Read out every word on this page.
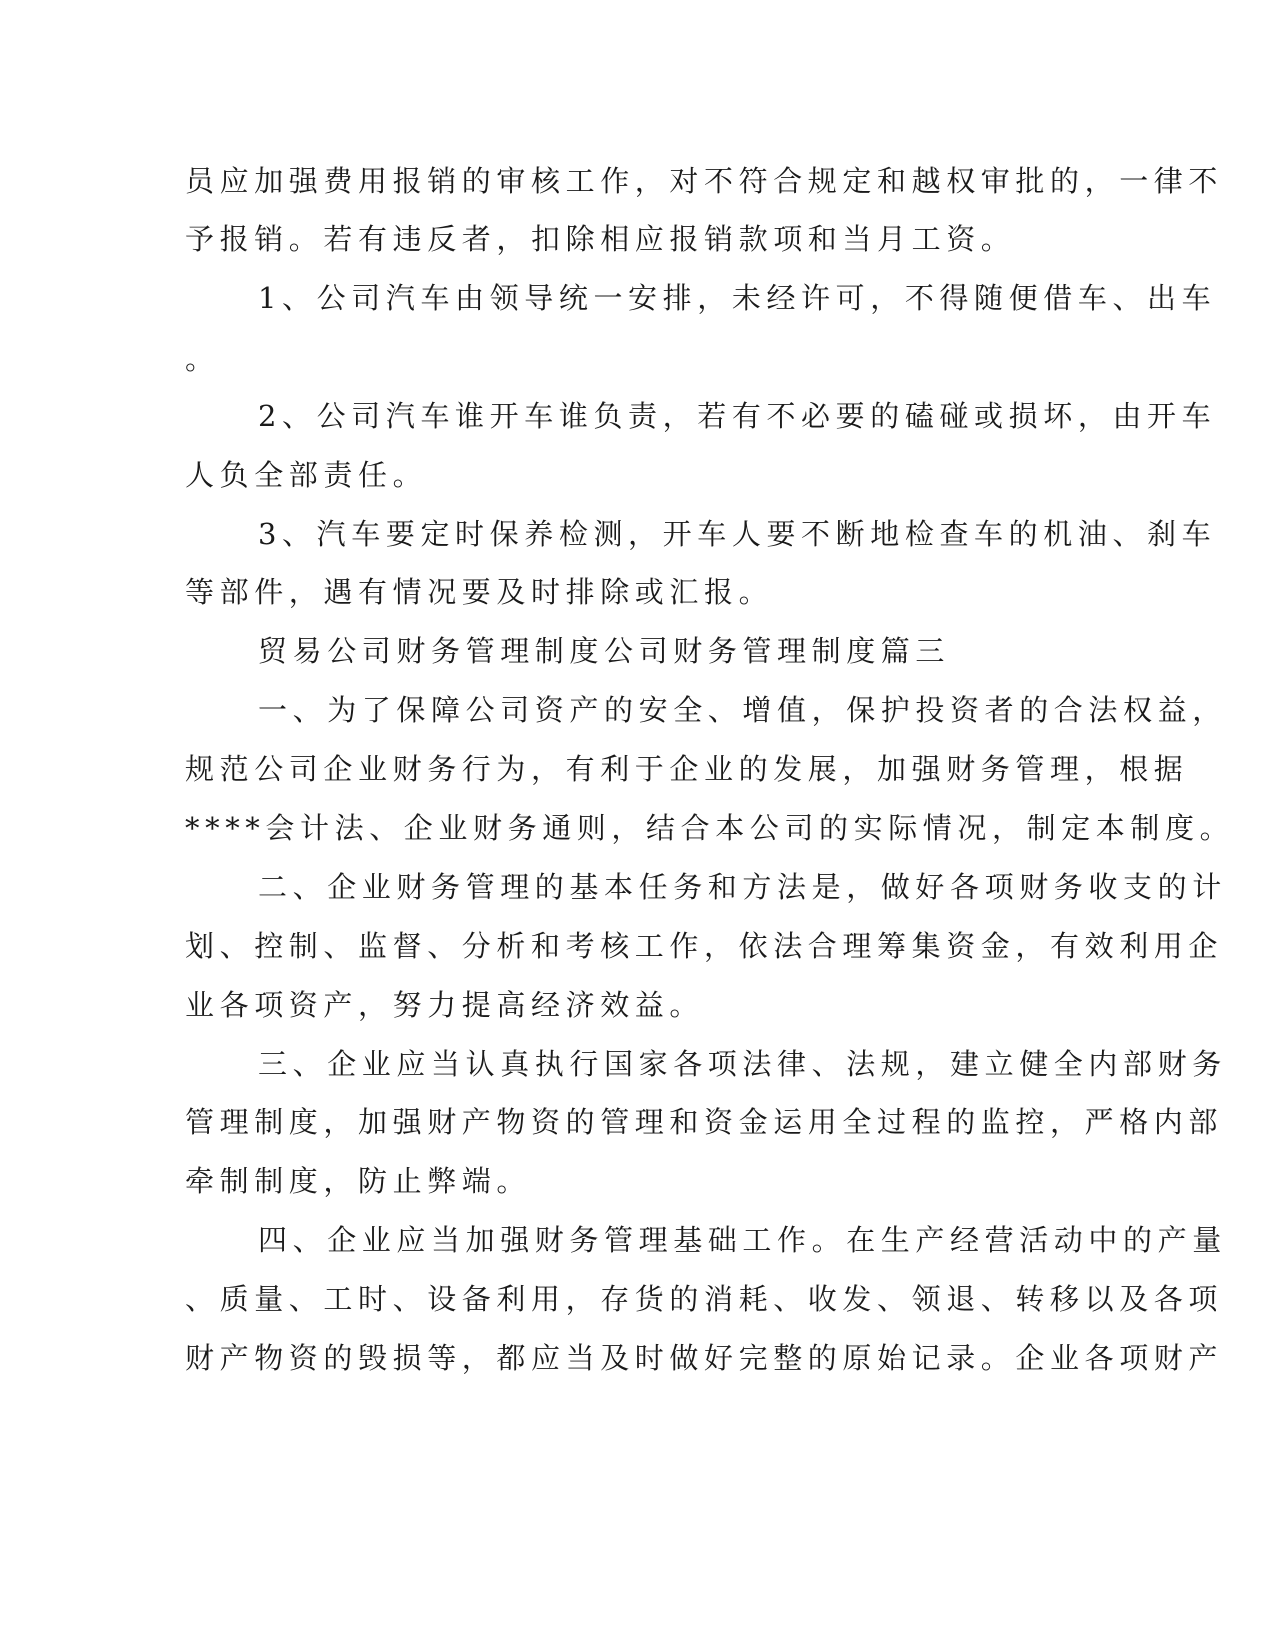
员应加强费用报销的审核工作，对不符合规定和越权审批的，一律不
予报销。若有违反者，扣除相应报销款项和当月工资。
1、公司汽车由领导统一安排，未经许可，不得随便借车、出车
。
2、公司汽车谁开车谁负责，若有不必要的磕碰或损坏，由开车
人负全部责任。
3、汽车要定时保养检测，开车人要不断地检查车的机油、刹车
等部件，遇有情况要及时排除或汇报。
贸易公司财务管理制度公司财务管理制度篇三
一、为了保障公司资产的安全、增值，保护投资者的合法权益，
规范公司企业财务行为，有利于企业的发展，加强财务管理，根据
****会计法、企业财务通则，结合本公司的实际情况，制定本制度。
二、企业财务管理的基本任务和方法是，做好各项财务收支的计
划、控制、监督、分析和考核工作，依法合理筹集资金，有效利用企
业各项资产，努力提高经济效益。
三、企业应当认真执行国家各项法律、法规，建立健全内部财务
管理制度，加强财产物资的管理和资金运用全过程的监控，严格内部
牵制制度，防止弊端。
四、企业应当加强财务管理基础工作。在生产经营活动中的产量
、质量、工时、设备利用，存货的消耗、收发、领退、转移以及各项
财产物资的毁损等，都应当及时做好完整的原始记录。企业各项财产
